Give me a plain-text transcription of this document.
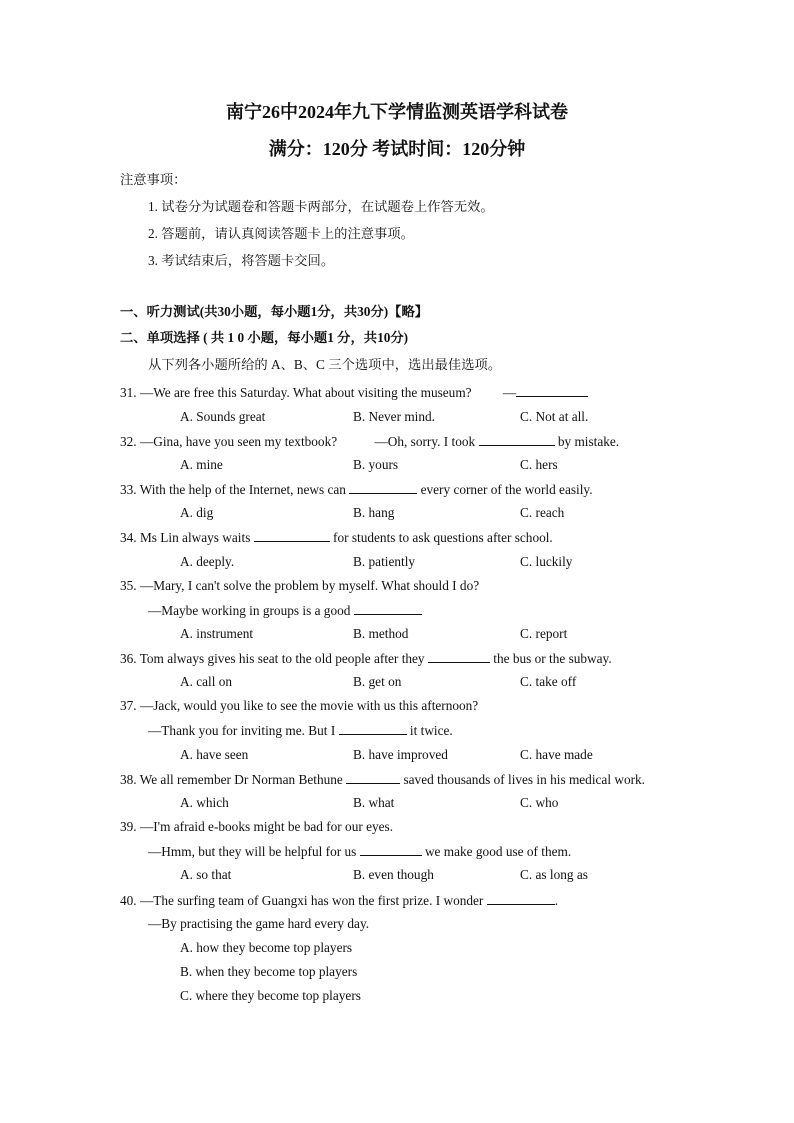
南宁26中2024年九下学情监测英语学科试卷
满分：120分 考试时间：120分钟
注意事项：
1. 试卷分为试题卷和答题卡两部分，在试题卷上作答无效。
2. 答题前，请认真阅读答题卡上的注意事项。
3. 考试结束后，将答题卡交回。
一、听力测试(共30小题，每小题1分，共30分)【略】
二、单项选择 ( 共 1 0 小题，每小题1 分，共10分)
从下列各小题所给的 A、B、C 三个选项中，选出最佳选项。
31. —We are free this Saturday. What about visiting the museum? —
A. Sounds great	B. Never mind.	C. Not at all.
32. —Gina, have you seen my textbook?	—Oh, sorry. I took	by mistake.
A. mine	B. yours	C. hers
33. With the help of the Internet, news can	every corner of the world easily.
A. dig	B. hang	C. reach
34. Ms Lin always waits	for students to ask questions after school.
A. deeply.	B. patiently	C. luckily
35. —Mary, I can't solve the problem by myself. What should I do?
—Maybe working in groups is a good
A. instrument	B. method	C. report
36. Tom always gives his seat to the old people after they	the bus or the subway.
A. call on	B. get on	C. take off
37. —Jack, would you like to see the movie with us this afternoon?
—Thank you for inviting me. But I	it twice.
A. have seen	B. have improved	C. have made
38. We all remember Dr Norman Bethune	saved thousands of lives in his medical work.
A. which	B. what	C. who
39. —I'm afraid e-books might be bad for our eyes.
—Hmm, but they will be helpful for us	we make good use of them.
A. so that	B. even though	C. as long as
40. —The surfing team of Guangxi has won the first prize. I wonder	.
—By practising the game hard every day.
A. how they become top players
B. when they become top players
C. where they become top players
